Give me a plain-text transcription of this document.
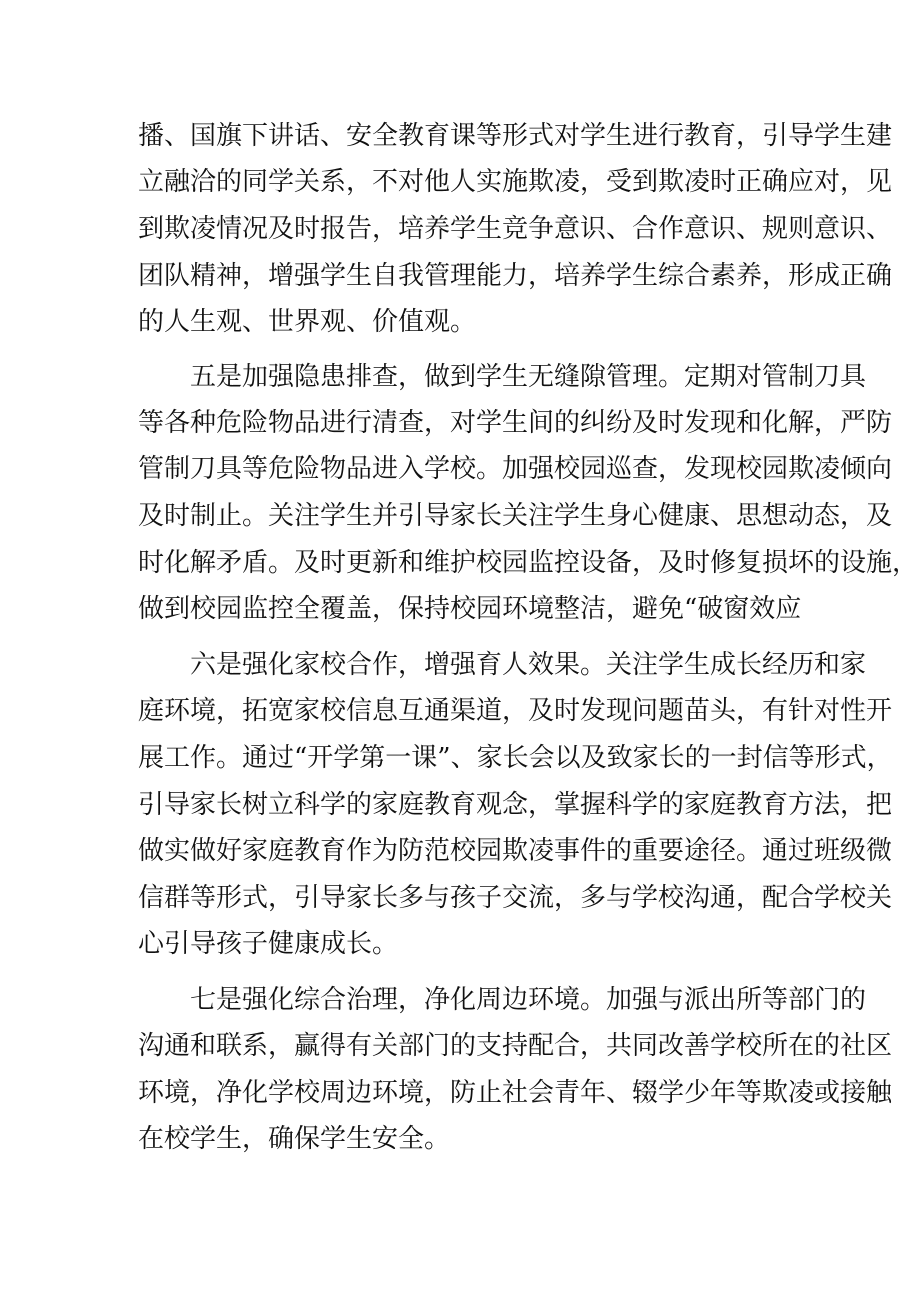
播、国旗下讲话、安全教育课等形式对学生进行教育，引导学生建
立融洽的同学关系，不对他人实施欺凌，受到欺凌时正确应对，见
到欺凌情况及时报告，培养学生竞争意识、合作意识、规则意识、
团队精神，增强学生自我管理能力，培养学生综合素养，形成正确
的人生观、世界观、价值观。
五是加强隐患排查，做到学生无缝隙管理。定期对管制刀具
等各种危险物品进行清查，对学生间的纠纷及时发现和化解，严防
管制刀具等危险物品进入学校。加强校园巡查，发现校园欺凌倾向
及时制止。关注学生并引导家长关注学生身心健康、思想动态，及
时化解矛盾。及时更新和维护校园监控设备，及时修复损坏的设施，
做到校园监控全覆盖，保持校园环境整洁，避免“破窗效应
六是强化家校合作，增强育人效果。关注学生成长经历和家
庭环境，拓宽家校信息互通渠道，及时发现问题苗头，有针对性开
展工作。通过“开学第一课”、家长会以及致家长的一封信等形式，
引导家长树立科学的家庭教育观念，掌握科学的家庭教育方法，把
做实做好家庭教育作为防范校园欺凌事件的重要途径。通过班级微
信群等形式，引导家长多与孩子交流，多与学校沟通，配合学校关
心引导孩子健康成长。
七是强化综合治理，净化周边环境。加强与派出所等部门的
沟通和联系，赢得有关部门的支持配合，共同改善学校所在的社区
环境，净化学校周边环境，防止社会青年、辍学少年等欺凌或接触
在校学生，确保学生安全。
